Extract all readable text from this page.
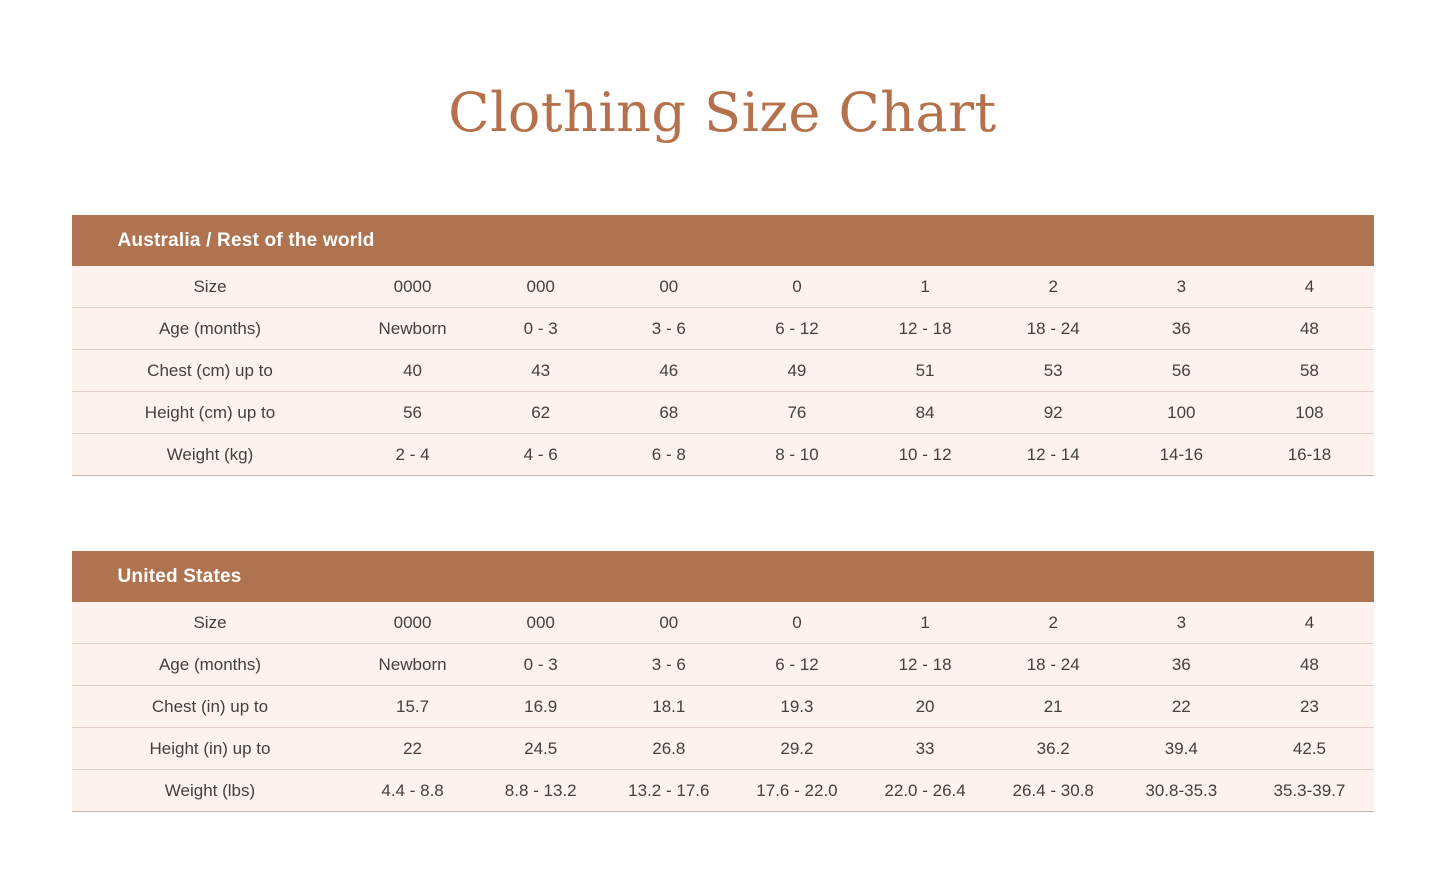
Clothing Size Chart
Australia / Rest of the world
Size	0000	000	00	0	1	2	3	4
Age (months)	Newborn	0 - 3	3 - 6	6 - 12	12 - 18	18 - 24	36	48
Chest (cm) up to	40	43	46	49	51	53	56	58
Height (cm) up to	56	62	68	76	84	92	100	108
Weight (kg)	2 - 4	4 - 6	6 - 8	8 - 10	10 - 12	12 - 14	14-16	16-18
United States
Size	0000	000	00	0	1	2	3	4
Age (months)	Newborn	0 - 3	3 - 6	6 - 12	12 - 18	18 - 24	36	48
Chest (in) up to	15.7	16.9	18.1	19.3	20	21	22	23
Height (in) up to	22	24.5	26.8	29.2	33	36.2	39.4	42.5
Weight (lbs)	4.4 - 8.8	8.8 - 13.2	13.2 - 17.6	17.6 - 22.0	22.0 - 26.4	26.4 - 30.8	30.8-35.3	35.3-39.7
